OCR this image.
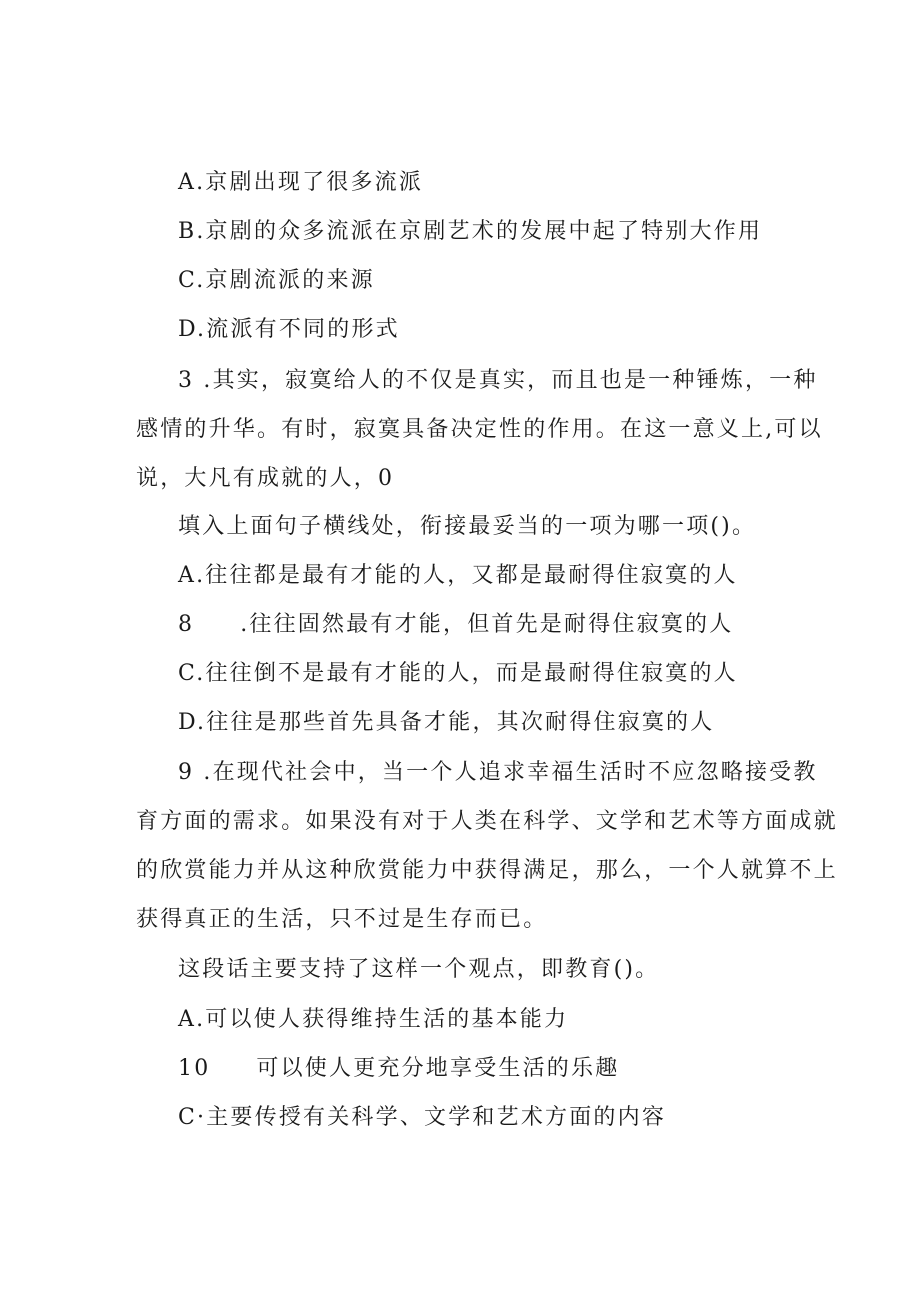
A.京剧出现了很多流派
B.京剧的众多流派在京剧艺术的发展中起了特别大作用
C.京剧流派的来源
D.流派有不同的形式
3 .其实，寂寞给人的不仅是真实，而且也是一种锤炼，一种
感情的升华。有时，寂寞具备决定性的作用。在这一意义上,可以
说，大凡有成就的人，0
填入上面句子横线处，衔接最妥当的一项为哪一项()。
A.往往都是最有才能的人，又都是最耐得住寂寞的人
8 .往往固然最有才能，但首先是耐得住寂寞的人
C.往往倒不是最有才能的人，而是最耐得住寂寞的人
D.往往是那些首先具备才能，其次耐得住寂寞的人
9 .在现代社会中，当一个人追求幸福生活时不应忽略接受教
育方面的需求。如果没有对于人类在科学、文学和艺术等方面成就
的欣赏能力并从这种欣赏能力中获得满足，那么，一个人就算不上
获得真正的生活，只不过是生存而已。
这段话主要支持了这样一个观点，即教育()。
A.可以使人获得维持生活的基本能力
10 可以使人更充分地享受生活的乐趣
C·主要传授有关科学、文学和艺术方面的内容
